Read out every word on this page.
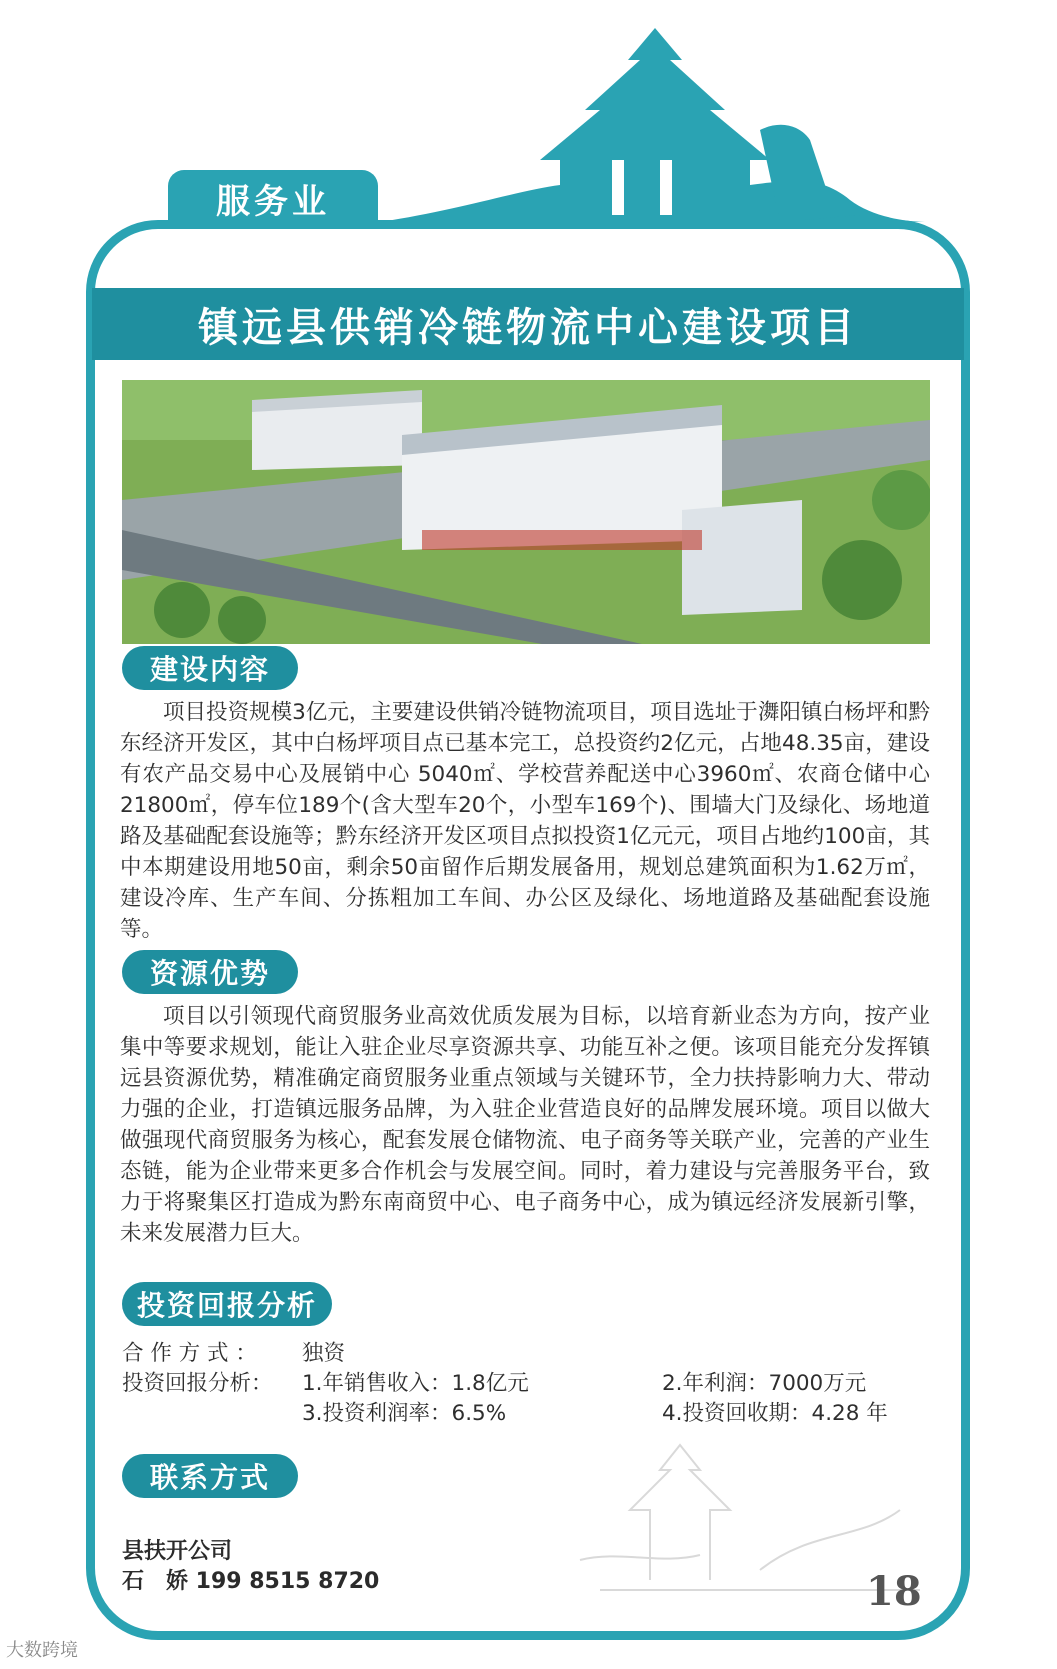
服务业
镇远县供销冷链物流中心建设项目
建设内容

项目投资规模3亿元，主要建设供销冷链物流项目，项目选址于㵲阳镇白杨坪和黔东经济开发区，其中白杨坪项目点已基本完工，总投资约2亿元，占地48.35亩，建设有农产品交易中心及展销中心 5040㎡、学校营养配送中心3960㎡、农商仓储中心 21800㎡，停车位189个(含大型车20个，小型车169个)、围墙大门及绿化、场地道路及基础配套设施等；黔东经济开发区项目点拟投资1亿元元，项目占地约100亩，其中本期建设用地50亩，剩余50亩留作后期发展备用，规划总建筑面积为1.62万㎡，建设冷库、生产车间、分拣粗加工车间、办公区及绿化、场地道路及基础配套设施等。

资源优势

项目以引领现代商贸服务业高效优质发展为目标，以培育新业态为方向，按产业集中等要求规划，能让入驻企业尽享资源共享、功能互补之便。该项目能充分发挥镇远县资源优势，精准确定商贸服务业重点领域与关键环节，全力扶持影响力大、带动力强的企业，打造镇远服务品牌，为入驻企业营造良好的品牌发展环境。项目以做大做强现代商贸服务为核心，配套发展仓储物流、电子商务等关联产业，完善的产业生态链，能为企业带来更多合作机会与发展空间。同时，着力建设与完善服务平台，致力于将聚集区打造成为黔东南商贸中心、电子商务中心，成为镇远经济发展新引擎，未来发展潜力巨大。

投资回报分析
合 作 方 式 ： 独资
投资回报分析： 1.年销售收入：1.8亿元	2.年利润：7000万元
3.投资利润率：6.5%	4.投资回收期：4.28 年
联系方式
县扶开公司
石　娇 199 8515 8720	18
大数跨境
